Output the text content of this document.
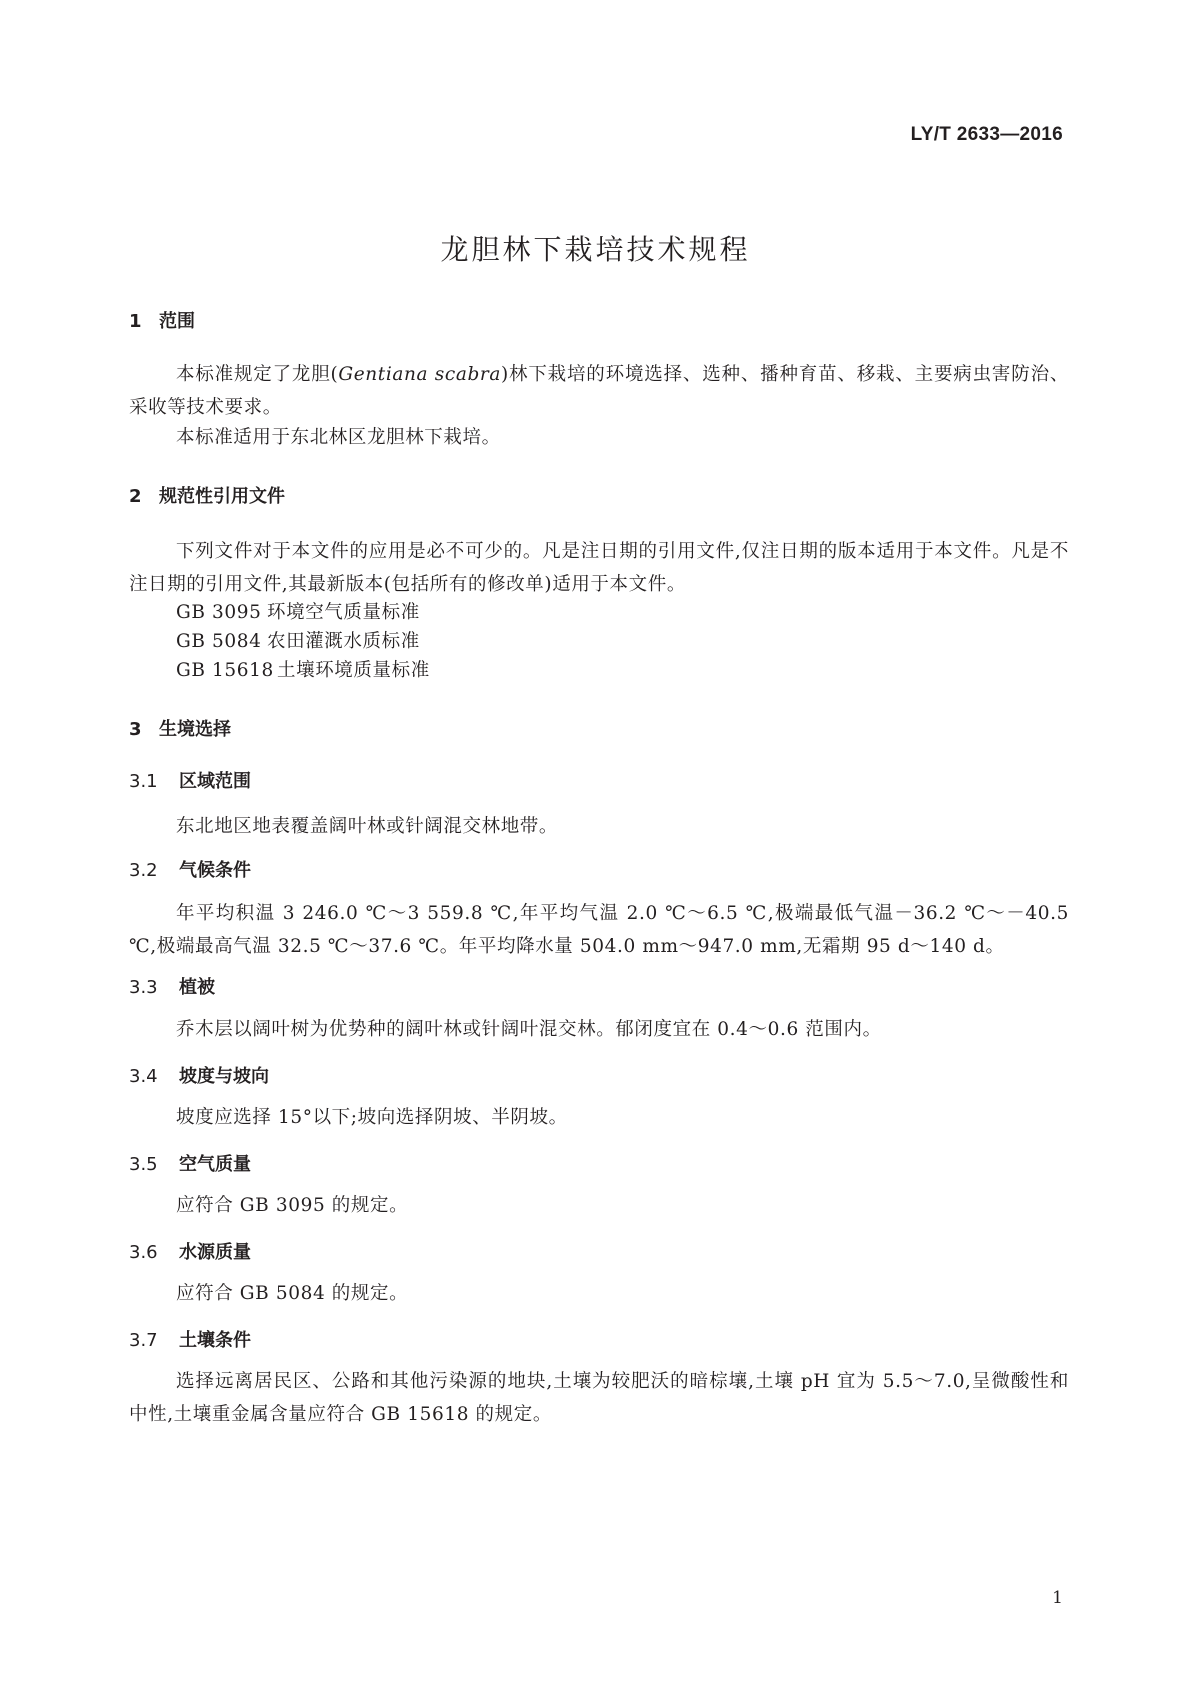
LY/T 2633—2016
龙胆林下栽培技术规程
1 范围
本标准规定了龙胆(Gentiana scabra)林下栽培的环境选择、选种、播种育苗、移栽、主要病虫害防治、采收等技术要求。
本标准适用于东北林区龙胆林下栽培。
2 规范性引用文件
下列文件对于本文件的应用是必不可少的。凡是注日期的引用文件,仅注日期的版本适用于本文件。凡是不注日期的引用文件,其最新版本(包括所有的修改单)适用于本文件。
GB 3095 环境空气质量标准
GB 5084 农田灌溉水质标准
GB 15618 土壤环境质量标准
3 生境选择
3.1 区域范围
东北地区地表覆盖阔叶林或针阔混交林地带。
3.2 气候条件
年平均积温 3 246.0 ℃～3 559.8 ℃,年平均气温 2.0 ℃～6.5 ℃,极端最低气温－36.2 ℃～－40.5 ℃,极端最高气温 32.5 ℃～37.6 ℃。年平均降水量 504.0 mm～947.0 mm,无霜期 95 d～140 d。
3.3 植被
乔木层以阔叶树为优势种的阔叶林或针阔叶混交林。郁闭度宜在 0.4～0.6 范围内。
3.4 坡度与坡向
坡度应选择 15°以下;坡向选择阴坡、半阴坡。
3.5 空气质量
应符合 GB 3095 的规定。
3.6 水源质量
应符合 GB 5084 的规定。
3.7 土壤条件
选择远离居民区、公路和其他污染源的地块,土壤为较肥沃的暗棕壤,土壤 pH 宜为 5.5～7.0,呈微酸性和中性,土壤重金属含量应符合 GB 15618 的规定。
1
